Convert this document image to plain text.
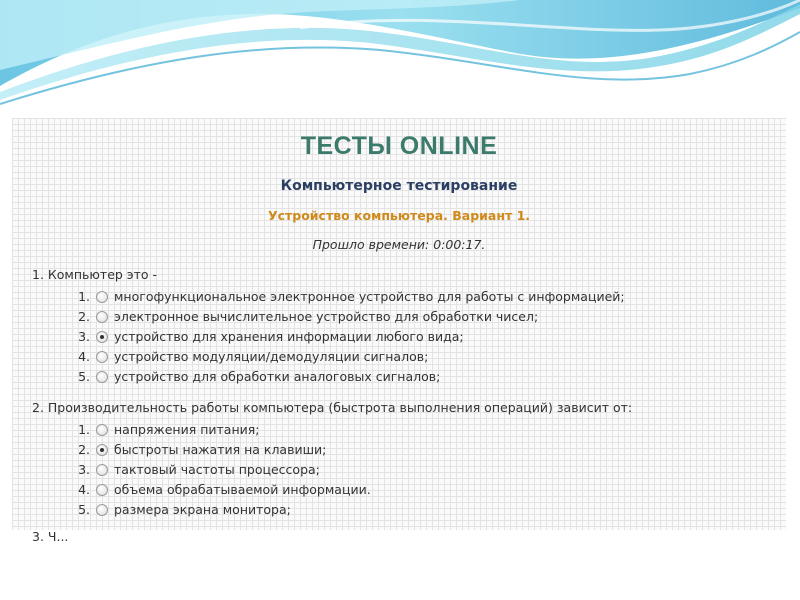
ТЕСТЫ ONLINE
Компьютерное тестирование
Устройство компьютера. Вариант 1.
Прошло времени: 0:00:17.
1. Компьютер это -
1.	многофункциональное электронное устройство для работы с информацией;
2.	электронное вычислительное устройство для обработки чисел;
3.	устройство для хранения информации любого вида;
4.	устройство модуляции/демодуляции сигналов;
5.	устройство для обработки аналоговых сигналов;
2. Производительность работы компьютера (быстрота выполнения операций) зависит от:
1.	напряжения питания;
2.	быстроты нажатия на клавиши;
3.	тактовый частоты процессора;
4.	объема обрабатываемой информации.
5.	размера экрана монитора;
3. Ч...
